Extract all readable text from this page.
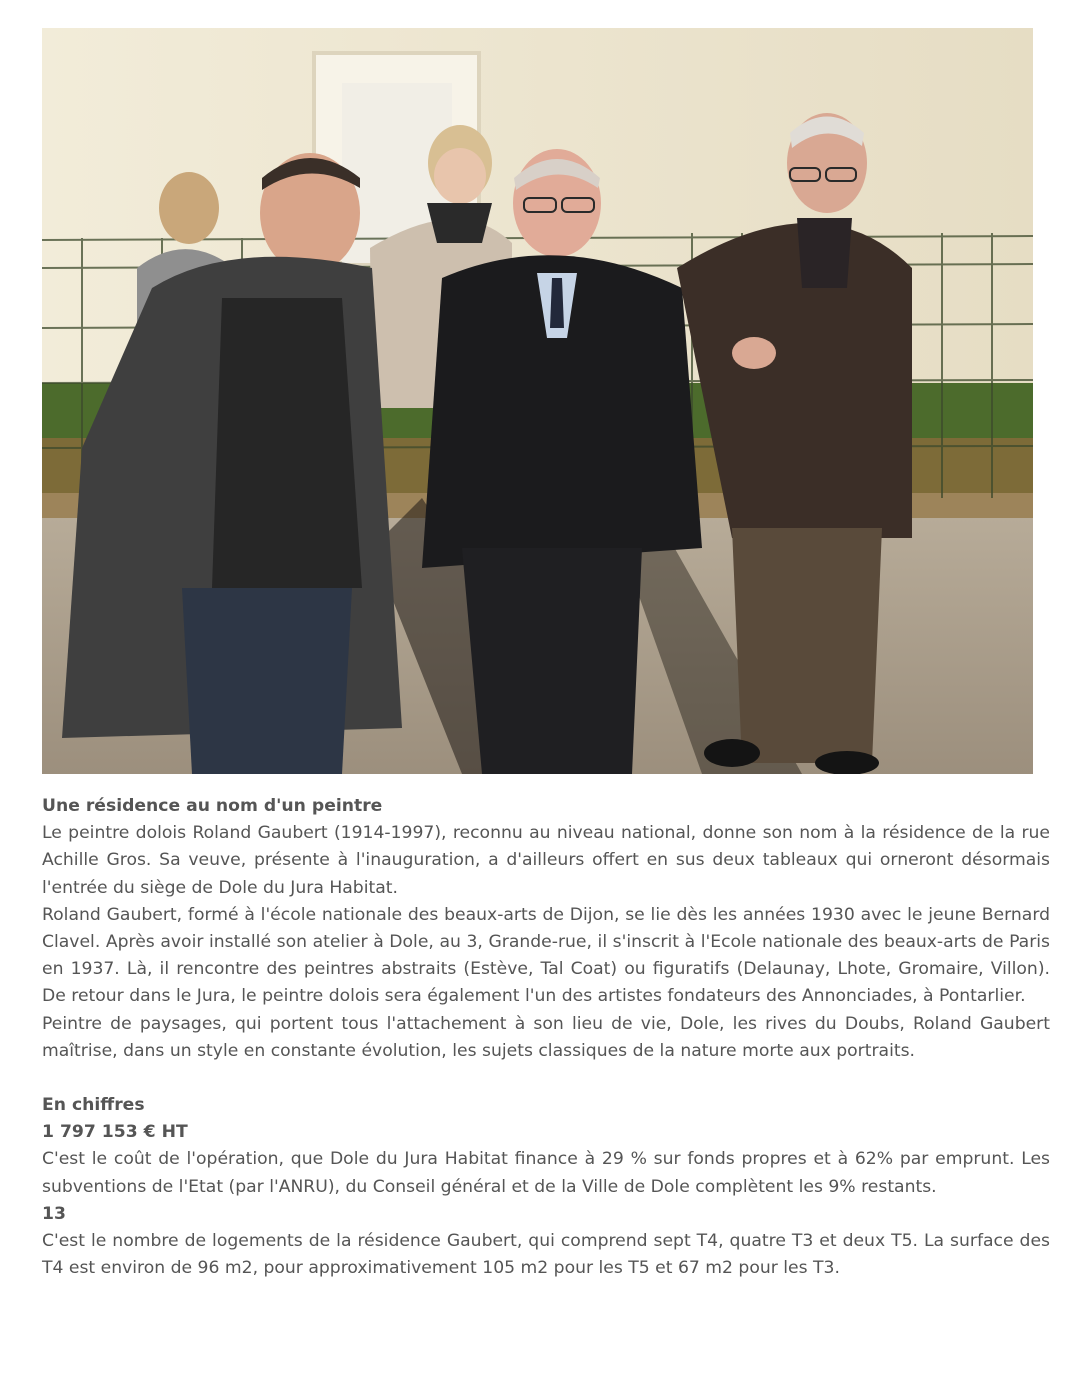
Une résidence au nom d'un peintre

Le peintre dolois Roland Gaubert (1914-1997), reconnu au niveau national, donne son nom à la résidence de la rue Achille Gros. Sa veuve, présente à l'inauguration, a d'ailleurs offert en sus deux tableaux qui orneront désormais l'entrée du siège de Dole du Jura Habitat.

Roland Gaubert, formé à l'école nationale des beaux-arts de Dijon, se lie dès les années 1930 avec le jeune Bernard Clavel. Après avoir installé son atelier à Dole, au 3, Grande-rue, il s'inscrit à l'Ecole nationale des beaux-arts de Paris en 1937. Là, il rencontre des peintres abstraits (Estève, Tal Coat) ou figuratifs (Delaunay, Lhote, Gromaire, Villon). De retour dans le Jura, le peintre dolois sera également l'un des artistes fondateurs des Annonciades, à Pontarlier.

Peintre de paysages, qui portent tous l'attachement à son lieu de vie, Dole, les rives du Doubs, Roland Gaubert maîtrise, dans un style en constante évolution, les sujets classiques de la nature morte aux portraits.

En chiffres

1 797 153 € HT

C'est le coût de l'opération, que Dole du Jura Habitat finance à 29 % sur fonds propres et à 62% par emprunt. Les subventions de l'Etat (par l'ANRU), du Conseil général et de la Ville de Dole complètent les 9% restants.

13

C'est le nombre de logements de la résidence Gaubert, qui comprend sept T4, quatre T3 et deux T5. La surface des T4 est environ de 96 m2, pour approximativement 105 m2 pour les T5 et 67 m2 pour les T3.
